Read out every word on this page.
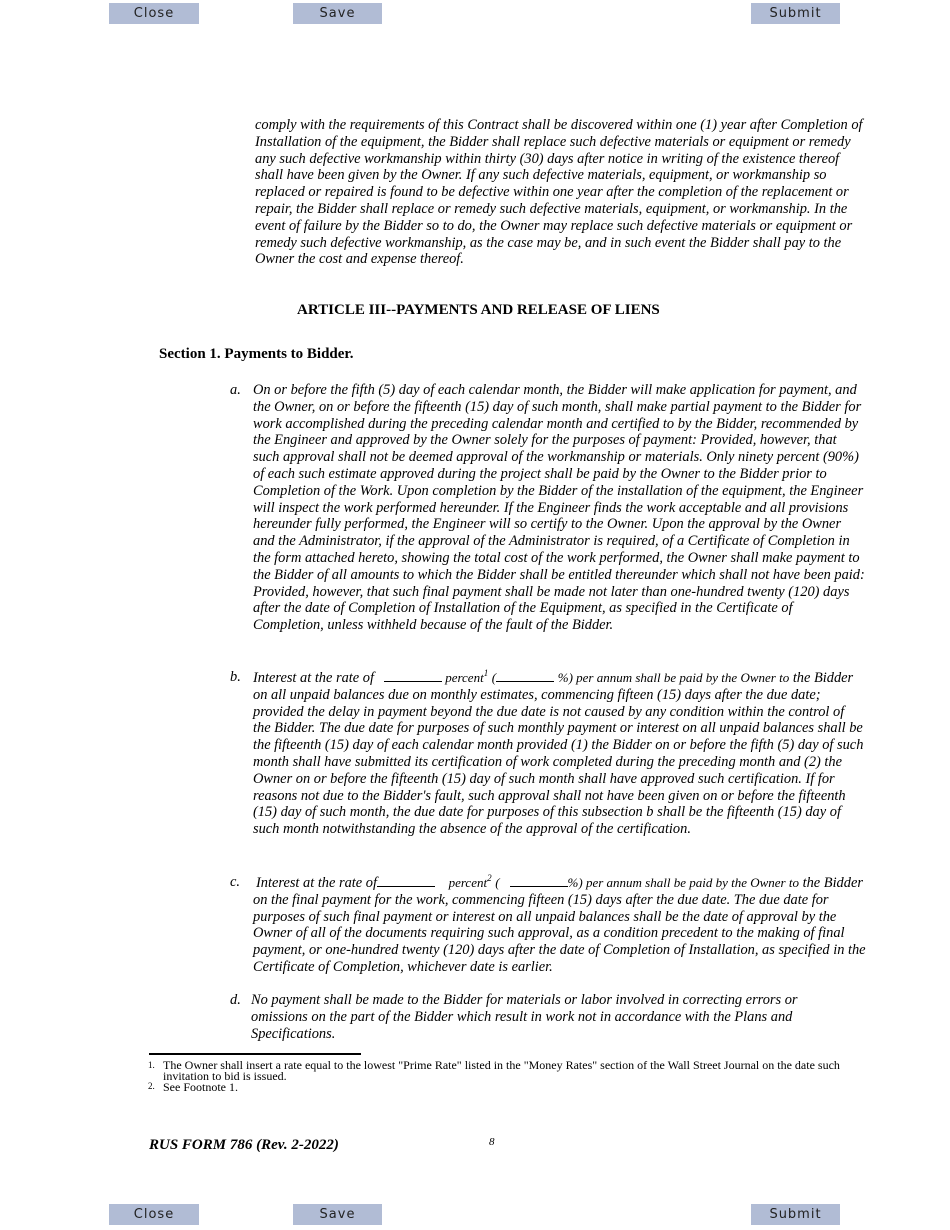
Close	Save	Submit

comply with the requirements of this Contract shall be discovered within one (1) year after Completion of Installation of the equipment, the Bidder shall replace such defective materials or equipment or remedy any such defective workmanship within thirty (30) days after notice in writing of the existence thereof shall have been given by the Owner. If any such defective materials, equipment, or workmanship so replaced or repaired is found to be defective within one year after the completion of the replacement or repair, the Bidder shall replace or remedy such defective materials, equipment, or workmanship. In the event of failure by the Bidder so to do, the Owner may replace such defective materials or equipment or remedy such defective workmanship, as the case may be, and in such event the Bidder shall pay to the Owner the cost and expense thereof.

ARTICLE III--PAYMENTS AND RELEASE OF LIENS
Section 1. Payments to Bidder.
a. On or before the fifth (5) day of each calendar month, the Bidder will make application for payment, and the Owner, on or before the fifteenth (15) day of such month, shall make partial payment to the Bidder for work accomplished during the preceding calendar month and certified to by the Bidder, recommended by the Engineer and approved by the Owner solely for the purposes of payment: Provided, however, that such approval shall not be deemed approval of the workmanship or materials. Only ninety percent (90%) of each such estimate approved during the project shall be paid by the Owner to the Bidder prior to Completion of the Work. Upon completion by the Bidder of the installation of the equipment, the Engineer will inspect the work performed hereunder. If the Engineer finds the work acceptable and all provisions hereunder fully performed, the Engineer will so certify to the Owner. Upon the approval by the Owner and the Administrator, if the approval of the Administrator is required, of a Certificate of Completion in the form attached hereto, showing the total cost of the work performed, the Owner shall make payment to the Bidder of all amounts to which the Bidder shall be entitled thereunder which shall not have been paid: Provided, however, that such final payment shall be made not later than one-hundred twenty (120) days after the date of Completion of Installation of the Equipment, as specified in the Certificate of Completion, unless withheld because of the fault of the Bidder.

b. Interest at the rate of	percent$^1$ (	%) per annum shall be paid by the Owner to the Bidder on all unpaid balances due on monthly estimates, commencing fifteen (15) days after the due date; provided the delay in payment beyond the due date is not caused by any condition within the control of the Bidder. The due date for purposes of such monthly payment or interest on all unpaid balances shall be the fifteenth (15) day of each calendar month provided (1) the Bidder on or before the fifth (5) day of such month shall have submitted its certification of work completed during the preceding month and (2) the Owner on or before the fifteenth (15) day of such month shall have approved such certification. If for reasons not due to the Bidder's fault, such approval shall not have been given on or before the fifteenth (15) day of such month, the due date for purposes of this subsection b shall be the fifteenth (15) day of such month notwithstanding the absence of the approval of the certification.

c. Interest at the rate of	percent$^2$ (	%) per annum shall be paid by the Owner to the Bidder on the final payment for the work, commencing fifteen (15) days after the due date. The due date for purposes of such final payment or interest on all unpaid balances shall be the date of approval by the Owner of all of the documents requiring such approval, as a condition precedent to the making of final payment, or one-hundred twenty (120) days after the date of Completion of Installation, as specified in the Certificate of Completion, whichever date is earlier.

d. No payment shall be made to the Bidder for materials or labor involved in correcting errors or omissions on the part of the Bidder which result in work not in accordance with the Plans and Specifications.

1. The Owner shall insert a rate equal to the lowest "Prime Rate" listed in the "Money Rates" section of the Wall Street Journal on the date such invitation to bid is issued.
2. See Footnote 1.
RUS FORM 786 (Rev. 2-2022)	8
Close	Save	Submit
